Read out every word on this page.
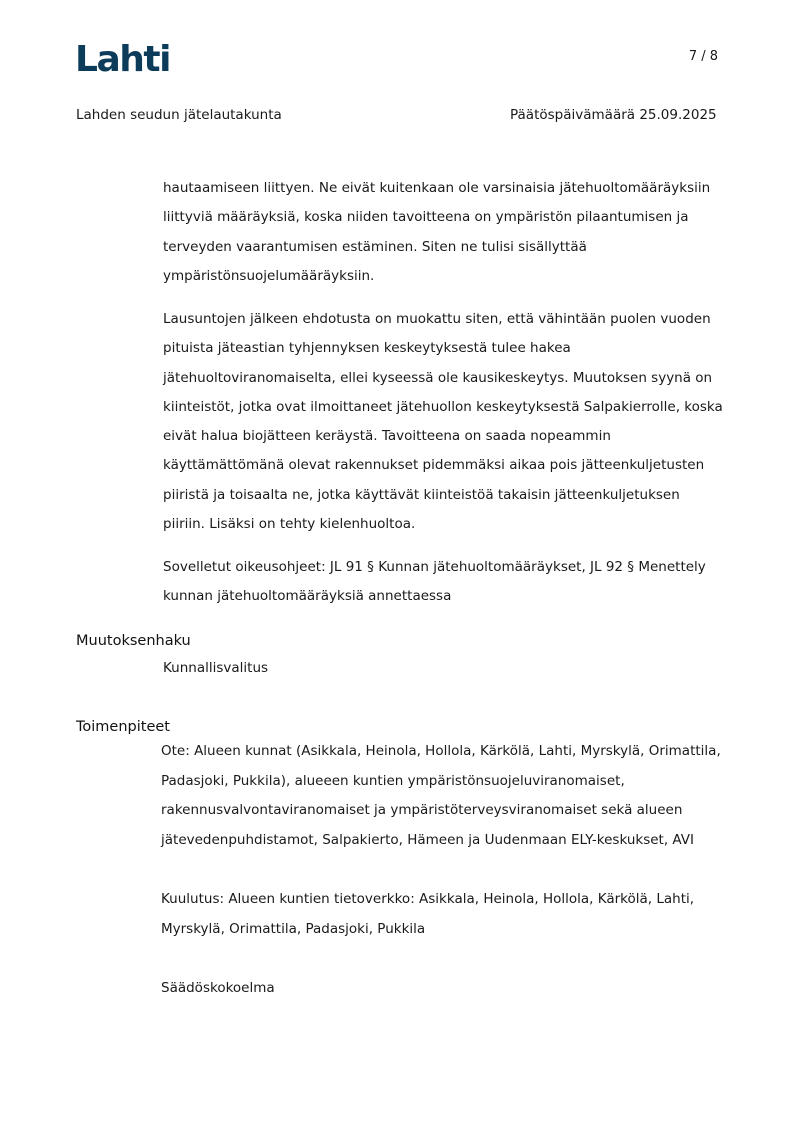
Lahti	7 / 8
Lahden seudun jätelautakunta	Päätöspäivämäärä 25.09.2025
hautaamiseen liittyen. Ne eivät kuitenkaan ole varsinaisia jätehuoltomääräyksiin liittyviä määräyksiä, koska niiden tavoitteena on ympäristön pilaantumisen ja terveyden vaarantumisen estäminen. Siten ne tulisi sisällyttää ympäristönsuojelumääräyksiin.
Lausuntojen jälkeen ehdotusta on muokattu siten, että vähintään puolen vuoden pituista jäteastian tyhjennyksen keskeytyksestä tulee hakea jätehuoltoviranomaiselta, ellei kyseessä ole kausikeskeytys. Muutoksen syynä on kiinteistöt, jotka ovat ilmoittaneet jätehuollon keskeytyksestä Salpakierrolle, koska eivät halua biojätteen keräystä. Tavoitteena on saada nopeammin käyttämättömänä olevat rakennukset pidemmäksi aikaa pois jätteenkuljetusten piiristä ja toisaalta ne, jotka käyttävät kiinteistöä takaisin jätteenkuljetuksen piiriin. Lisäksi on tehty kielenhuoltoa.
Sovelletut oikeusohjeet: JL 91 § Kunnan jätehuoltomääräykset, JL 92 § Menettely kunnan jätehuoltomääräyksiä annettaessa
Muutoksenhaku
Kunnallisvalitus
Toimenpiteet
Ote: Alueen kunnat (Asikkala, Heinola, Hollola, Kärkölä, Lahti, Myrskylä, Orimattila, Padasjoki, Pukkila), alueeen kuntien ympäristönsuojeluviranomaiset, rakennusvalvontaviranomaiset ja ympäristöterveysviranomaiset sekä alueen jätevedenpuhdistamot, Salpakierto, Hämeen ja Uudenmaan ELY-keskukset, AVI
Kuulutus: Alueen kuntien tietoverkko: Asikkala, Heinola, Hollola, Kärkölä, Lahti, Myrskylä, Orimattila, Padasjoki, Pukkila
Säädöskokoelma
